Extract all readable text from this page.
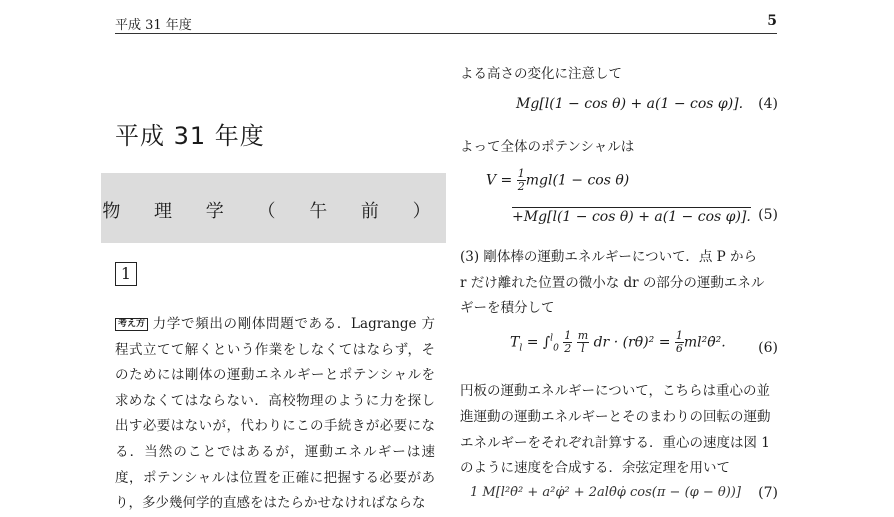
平成 31 年度	5
平成 31 年度
物 理 学 （ 午 前 ）
1

考え方 力学で頻出の剛体問題である．Lagrange 方程式立てて解くという作業をしなくてはならず，そのためには剛体の運動エネルギーとポテンシャルを求めなくてはならない．高校物理のように力を探し出す必要はないが，代わりにこの手続きが必要になる．当然のことではあるが，運動エネルギーは速度，ポテンシャルは位置を正確に把握する必要があり，多少幾何学的直感をはたらかせなければならな

よる高さの変化に注意して
Mg[l(1 − cos θ) + a(1 − cos φ)]. (4)
よって全体のポテンシャルは
$V = \frac{1}{2} mgl(1 - \cos \theta)$
+Mg[l(1 − cos θ) + a(1 − cos φ)]. (5)
(3) 剛体棒の運動エネルギーについて．点 P から
r だけ離れた位置の微小な dr の部分の運動エネル
ギーを積分して
$T_l = \int^l_0 \frac{1}{2}$
$\frac{m}{l}$ dr · (rθ̇)² = $\frac{1}{6}$ ml²θ̇². (6)
円板の運動エネルギーについて，こちらは重心の並
進運動の運動エネルギーとそのまわりの回転の運動
エネルギーをそれぞれ計算する．重心の速度は図 1
のように速度を合成する．余弦定理を用いて
1 M[l²θ̇² + a²φ̇² + 2alθ̇φ̇ cos(π − (φ − θ))] (7)
